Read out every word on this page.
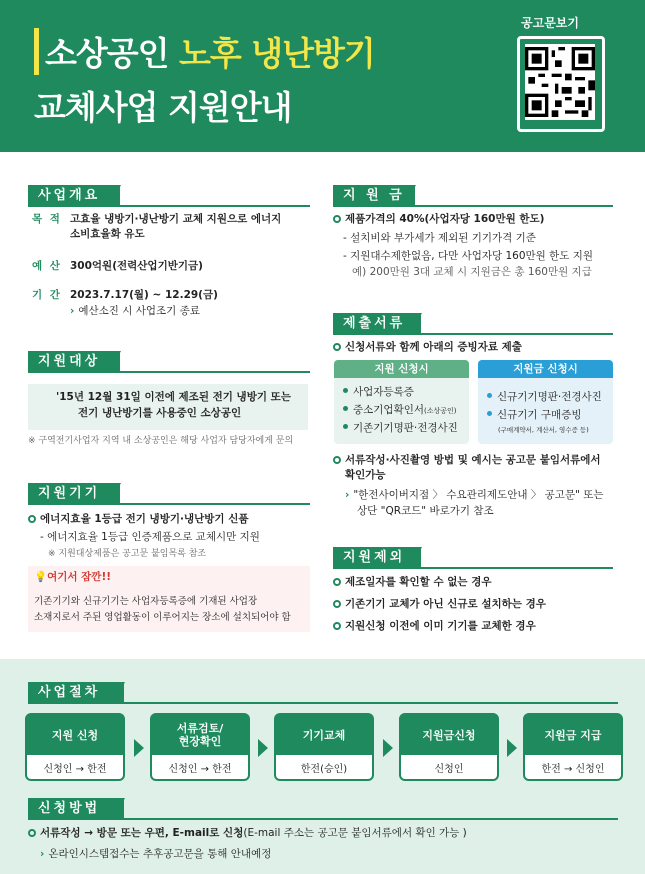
소상공인 노후 냉난방기
교체사업 지원안내
공고문보기
사업개요
목 적 고효율 냉방기·냉난방기 교체 지원으로 에너지
소비효율화 유도
예 산 300억원(전력산업기반기금)
기 간 2023.7.17(월) ~ 12.29(금)
› 예산소진 시 사업조기 종료
지원대상
'15년 12월 31일 이전에 제조된 전기 냉방기 또는
전기 냉난방기를 사용중인 소상공인
※ 구역전기사업자 지역 내 소상공인은 해당 사업자 담당자에게 문의
지원기기
에너지효율 1등급 전기 냉방기·냉난방기 신품
- 에너지효율 1등급 인증제품으로 교체시만 지원
※ 지원대상제품은 공고문 붙임목록 참조
💡여기서 잠깐!!
기존기기와 신규기기는 사업자등록증에 기재된 사업장
소재지로서 주된 영업활동이 이루어지는 장소에 설치되어야 함
지 원 금
제품가격의 40%(사업자당 160만원 한도)
- 설치비와 부가세가 제외된 기기가격 기준
- 지원대수제한없음, 다만 사업자당 160만원 한도 지원
예) 200만원 3대 교체 시 지원금은 총 160만원 지급
제출서류
신청서류와 함께 아래의 증빙자료 제출
지원 신청시
사업자등록증
중소기업확인서(소상공인)
기존기기명판·전경사진
지원금 신청시
신규기기명판·전경사진
신규기기 구매증빙
(구매계약서, 계산서, 영수증 등)
서류작성·사진촬영 방법 및 예시는 공고문 붙임서류에서
확인가능
› "한전사이버지점 〉 수요관리제도안내 〉 공고문" 또는
상단 "QR코드" 바로가기 참조
지원제외
제조일자를 확인할 수 없는 경우
기존기기 교체가 아닌 신규로 설치하는 경우
지원신청 이전에 이미 기기를 교체한 경우
사업절차
지원 신청
신청인 → 한전
서류검토/
현장확인
신청인 → 한전
기기교체
한전(승인)
지원금신청
신청인
지원금 지급
한전 → 신청인
신청방법
서류작성 → 방문 또는 우편, E-mail로 신청(E-mail 주소는 공고문 붙임서류에서 확인 가능 )
› 온라인시스템접수는 추후공고문을 통해 안내예정
